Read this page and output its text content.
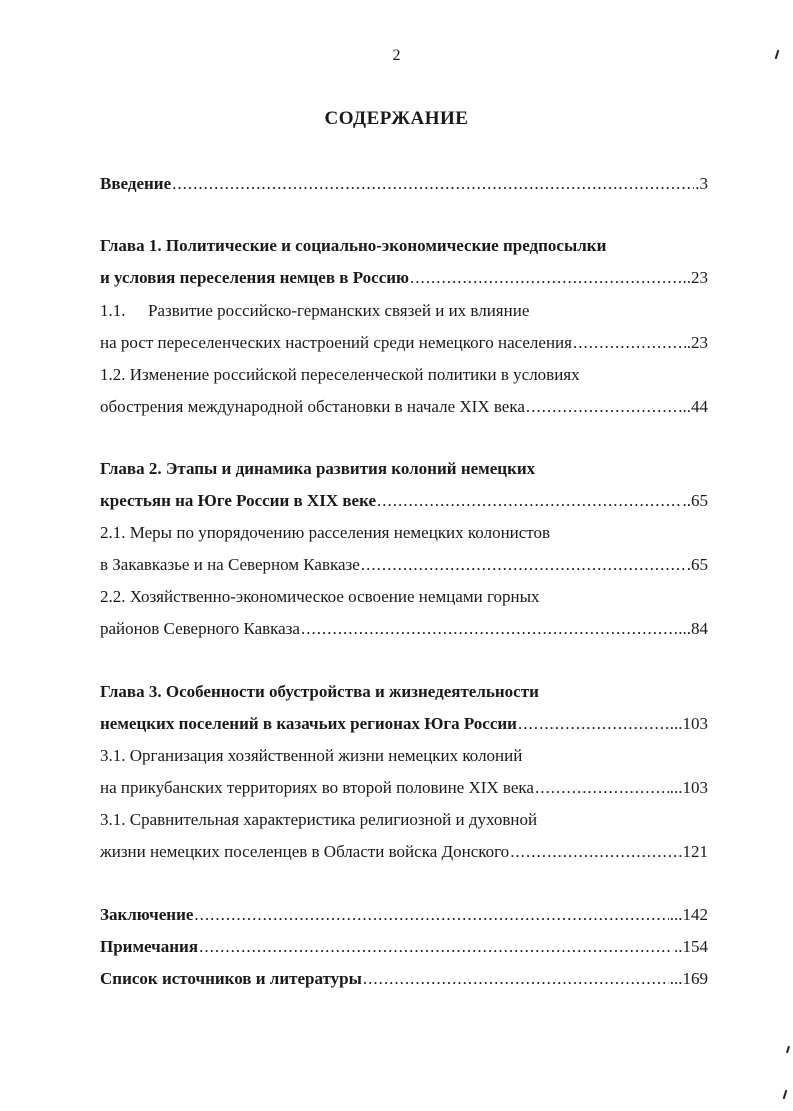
2
СОДЕРЖАНИЕ
Введение .....	.3
Глава 1. Политические и социально-экономические предпосылки
и условия переселения немцев в Россию .....	..23
1.1. Развитие российско-германских связей и их влияние
на рост переселенческих настроений среди немецкого населения .....	.23
1.2. Изменение российской переселенческой политики в условиях
обострения международной обстановки в начале XIX века .....	...44
Глава 2. Этапы и динамика развития колоний немецких
крестьян на Юге России в XIX веке .....	..65
2.1. Меры по упорядочению расселения немецких колонистов
в Закавказье и на Северном Кавказе .....	.65
2.2. Хозяйственно-экономическое освоение немцами горных
районов Северного Кавказа .....	...84
Глава 3. Особенности обустройства и жизнедеятельности
немецких поселений в казачьих регионах Юга России .....	...103
3.1. Организация хозяйственной жизни немецких колоний
на прикубанских территориях во второй половине XIX века .....	...103
3.1. Сравнительная характеристика религиозной и духовной
жизни немецких поселенцев в Области войска Донского .....	121
Заключение .....	...142
Примечания .....	..154
Список источников и литературы .....	...169
